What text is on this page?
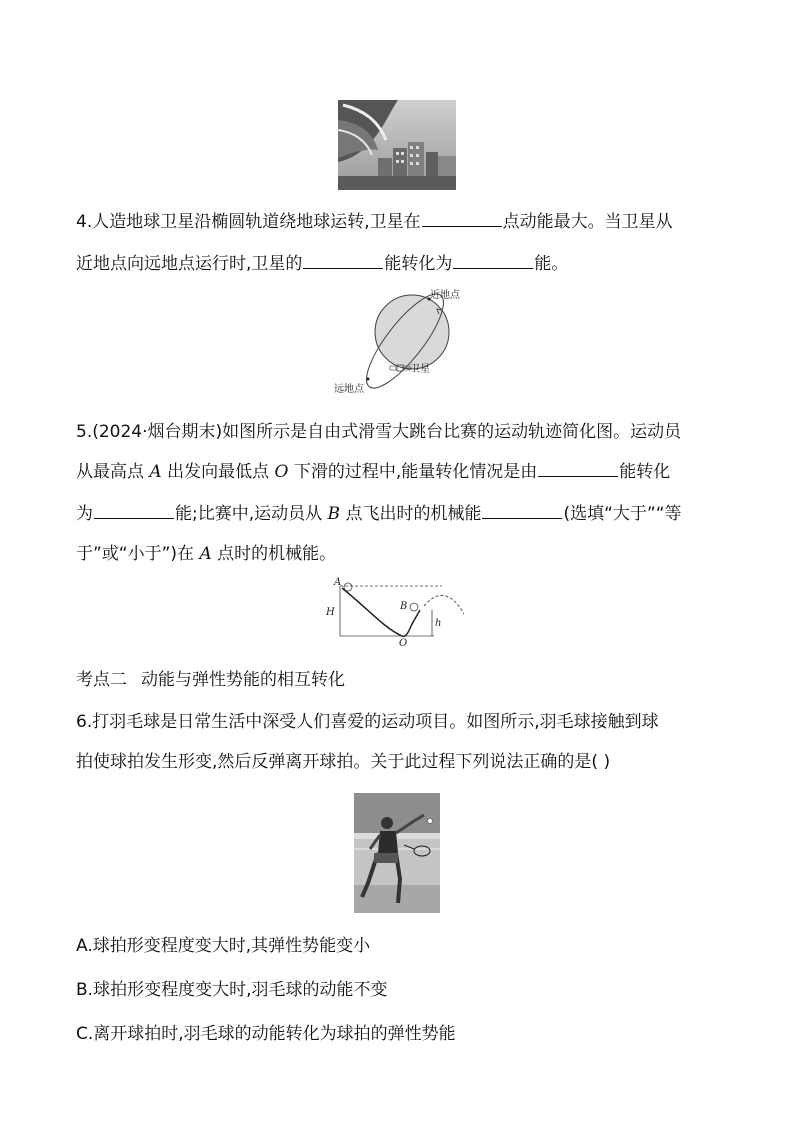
4.人造地球卫星沿椭圆轨道绕地球运转,卫星在	点动能最大。当卫星从
近地点向远地点运行时,卫星的	能转化为	能。
近地点
卫星
远地点
5.(2024·烟台期末)如图所示是自由式滑雪大跳台比赛的运动轨迹简化图。运动员
从最高点 A 出发向最低点 O 下滑的过程中,能量转化情况是由	能转化
为	能;比赛中,运动员从 B 点飞出时的机械能	(选填“大于”“等
于”或“小于”)在 A 点时的机械能。
A
B
O
H
h
考点二 动能与弹性势能的相互转化
6.打羽毛球是日常生活中深受人们喜爱的运动项目。如图所示,羽毛球接触到球
拍使球拍发生形变,然后反弹离开球拍。关于此过程下列说法正确的是( )
A.球拍形变程度变大时,其弹性势能变小
B.球拍形变程度变大时,羽毛球的动能不变
C.离开球拍时,羽毛球的动能转化为球拍的弹性势能
